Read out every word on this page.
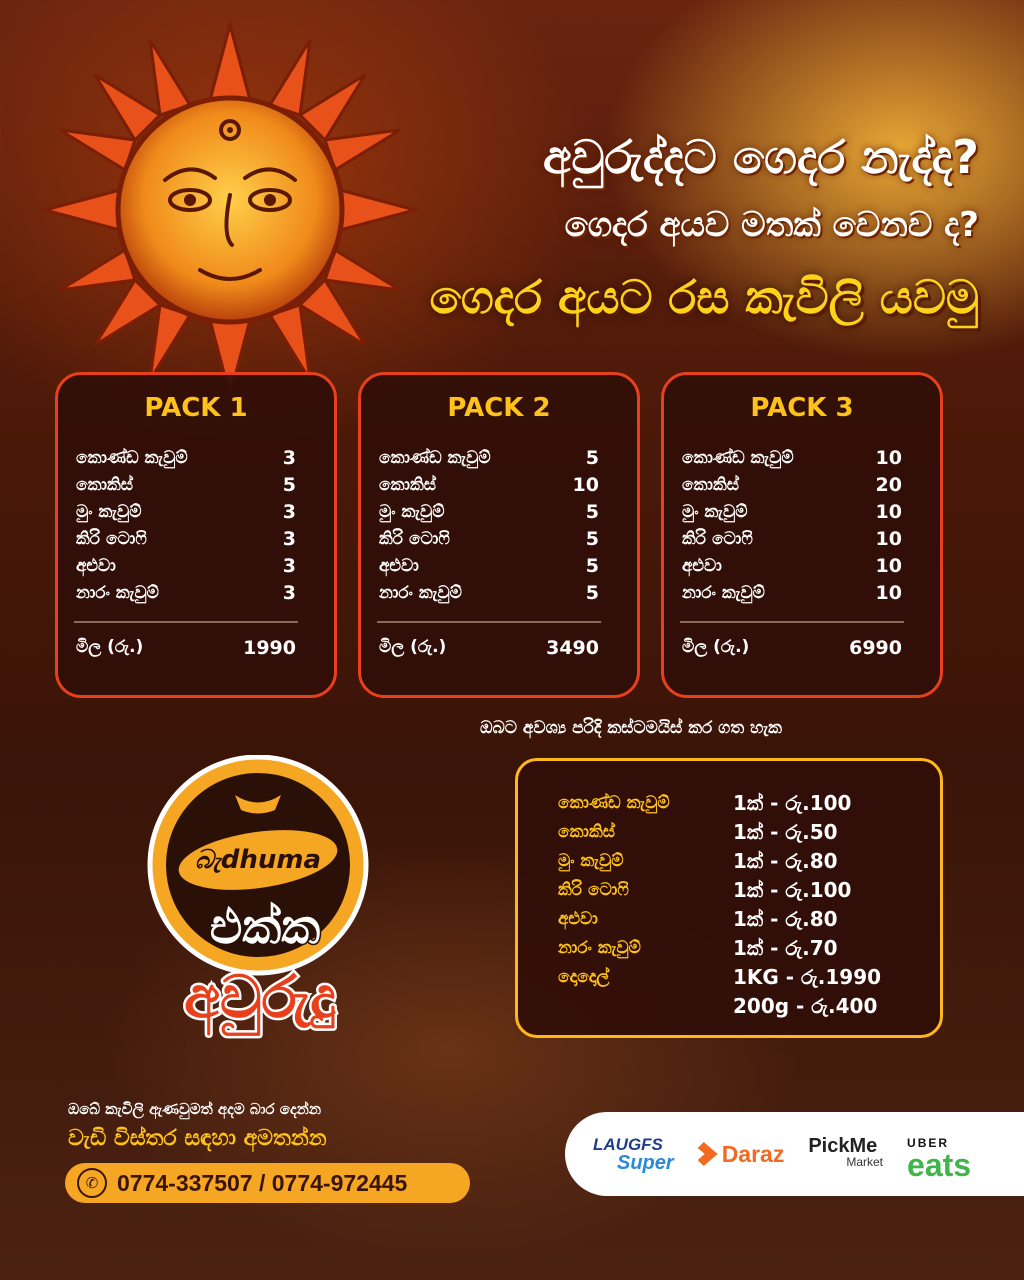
අවුරුද්දට ගෙදර නැද්ද?
ගෙදර අයව මතක් වෙනව ද?
ගෙදර අයට රස කැවිලි යවමු
PACK 1
කොණ්ඩ කැවුම්	3
කොකිස්	5
මුං කැවුම්	3
කිරි ටොෆි	3
අළුවා	3
නාරං කැවුම්	3
මිල (රු.)	1990
PACK 2
කොණ්ඩ කැවුම්	5
කොකිස්	10
මුං කැවුම්	5
කිරි ටොෆි	5
අළුවා	5
නාරං කැවුම්	5
මිල (රු.)	3490
PACK 3
කොණ්ඩ කැවුම්	10
කොකිස්	20
මුං කැවුම්	10
කිරි ටොෆි	10
අළුවා	10
නාරං කැවුම්	10
මිල (රු.)	6990
ඔබට අවශ්‍ය පරිදි කස්ටමයිස් කර ගත හැක
කොණ්ඩ කැවුම්	1ක් - රු.100
කොකිස්	1ක් - රු.50
මුං කැවුම්	1ක් - රු.80
කිරි ටොෆි	1ක් - රු.100
අළුවා	1ක් - රු.80
නාරං කැවුම්	1ක් - රු.70
දොදොල්	1KG - රු.1990
200g - රු.400
බැdhuma
එක්ක
අවුරුදු
ඔබේ කැවිලි ඇණවුමත් අදම බාර දෙන්න
වැඩි විස්තර සඳහා අමතන්න
✆ 0774-337507 / 0774-972445
LAUGFS
Super Daraz PickMe
Market
UBER
eats
